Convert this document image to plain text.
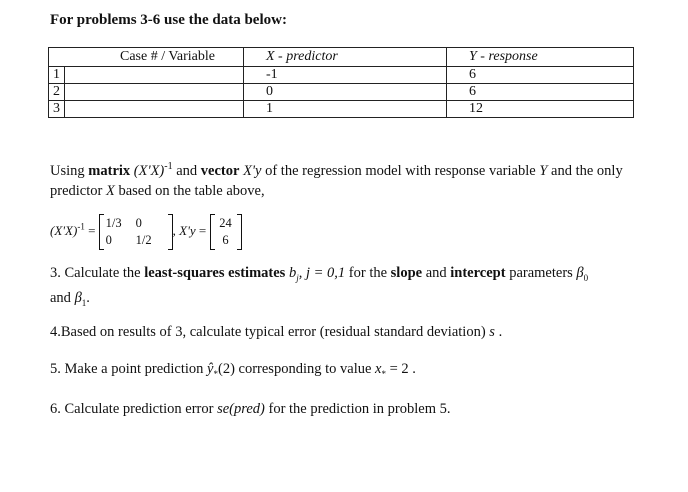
For problems 3-6 use the data below:
Case # / Variable		X - predictor	Y - response
1		-1	6
2		0	6
3		1	12
Using matrix $(X'X)^{-1}$ and vector X'y of the regression model with response variable Y and the only predictor X based on the table above,
$(X'X)^{-1} = 1/3$	0
0	1/2
, X'y = 24
6
3. Calculate the least-squares estimates $b_j$, j = 0,1 for the slope and intercept parameters $\beta_0$
and $\beta_1$.
4.Based on results of 3, calculate typical error (residual standard deviation) s .
5. Make a point prediction $ŷ_*(2)$ corresponding to value $x_* = 2$ .
6. Calculate prediction error se(pred) for the prediction in problem 5.
